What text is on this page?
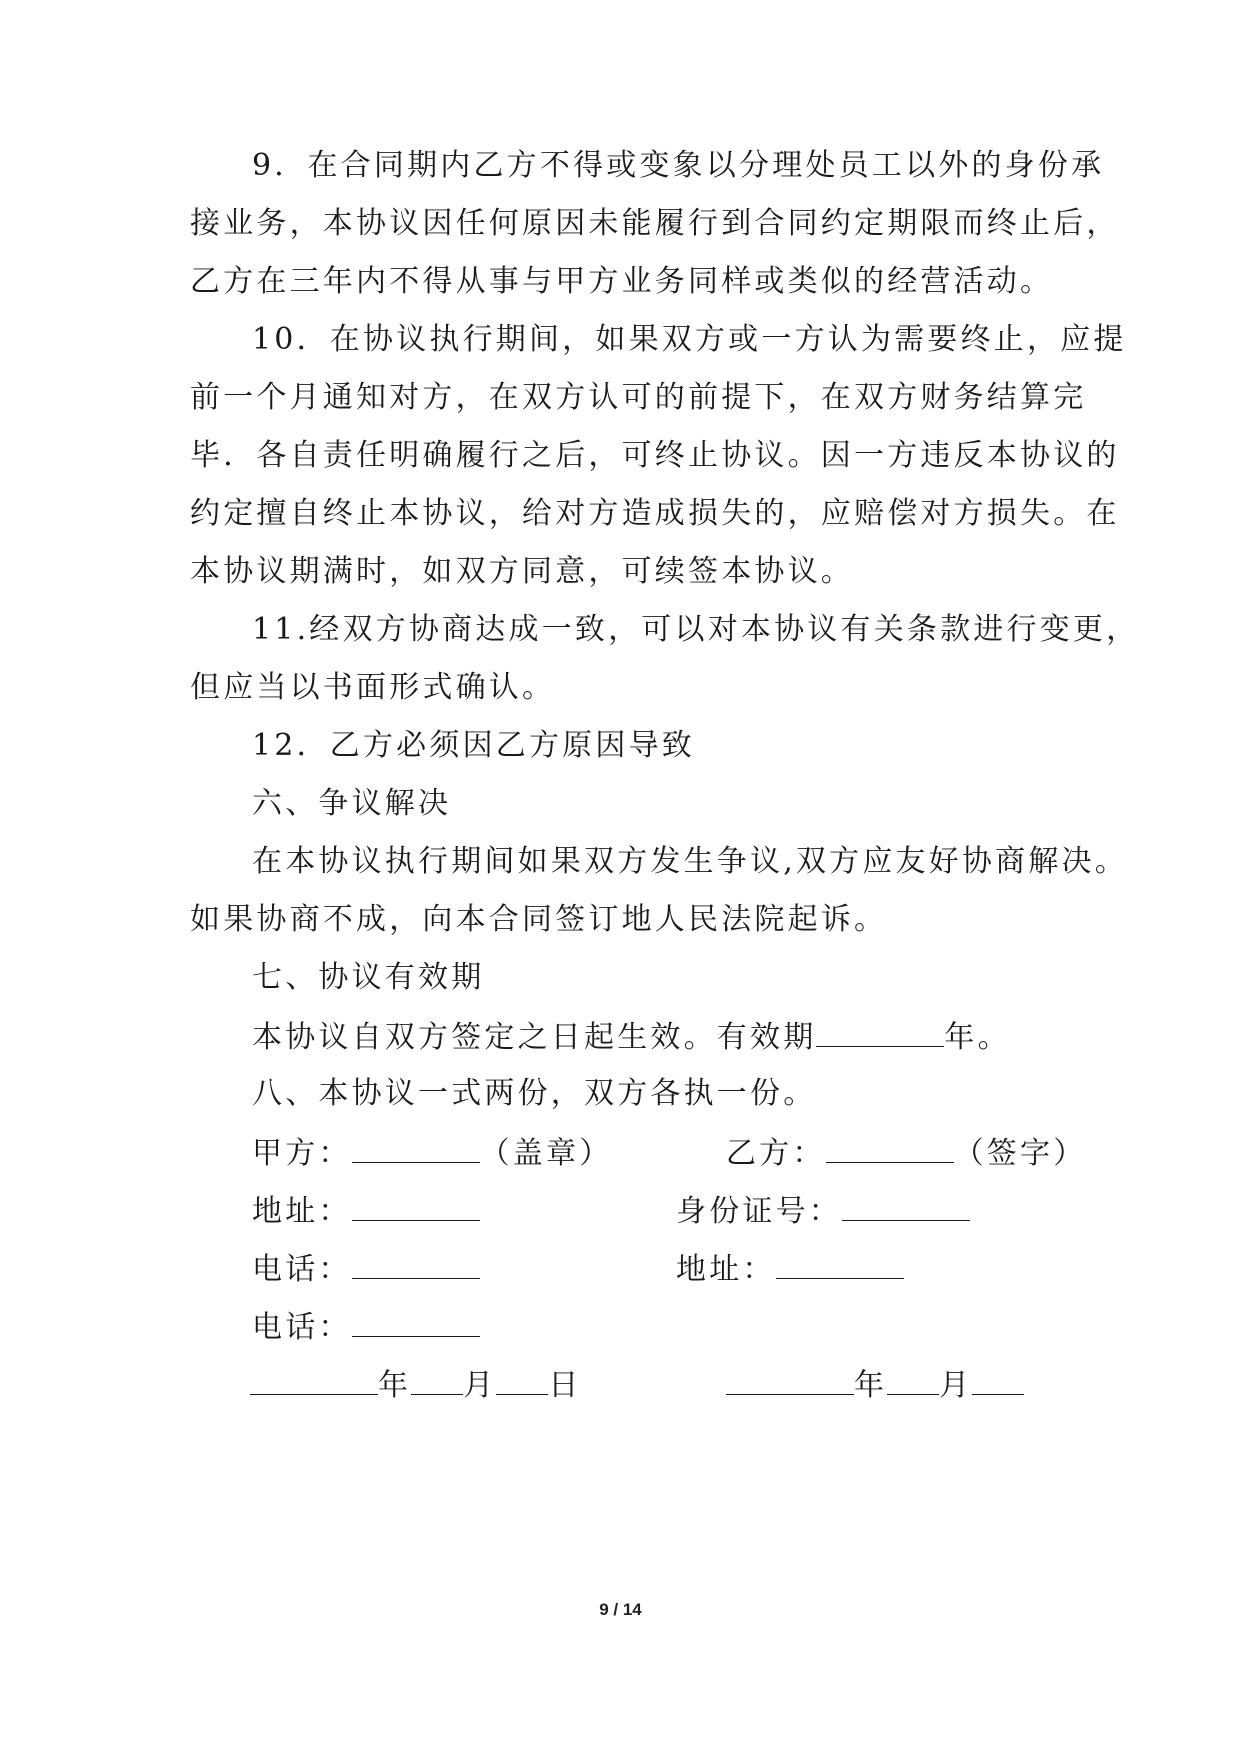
9．在合同期内乙方不得或变象以分理处员工以外的身份承
接业务，本协议因任何原因未能履行到合同约定期限而终止后，
乙方在三年内不得从事与甲方业务同样或类似的经营活动。
10．在协议执行期间，如果双方或一方认为需要终止，应提
前一个月通知对方，在双方认可的前提下，在双方财务结算完
毕．各自责任明确履行之后，可终止协议。因一方违反本协议的
约定擅自终止本协议，给对方造成损失的，应赔偿对方损失。在
本协议期满时，如双方同意，可续签本协议。
11.经双方协商达成一致，可以对本协议有关条款进行变更，
但应当以书面形式确认。
12．乙方必须因乙方原因导致
六、争议解决
在本协议执行期间如果双方发生争议,双方应友好协商解决。
如果协商不成，向本合同签订地人民法院起诉。
七、协议有效期
本协议自双方签定之日起生效。有效期	年。
八、本协议一式两份，双方各执一份。
甲方：	（盖章）	乙方：	（签字）
地址：	身份证号：
电话：	地址：
电话：
年 月 日	年 月
9 / 14
